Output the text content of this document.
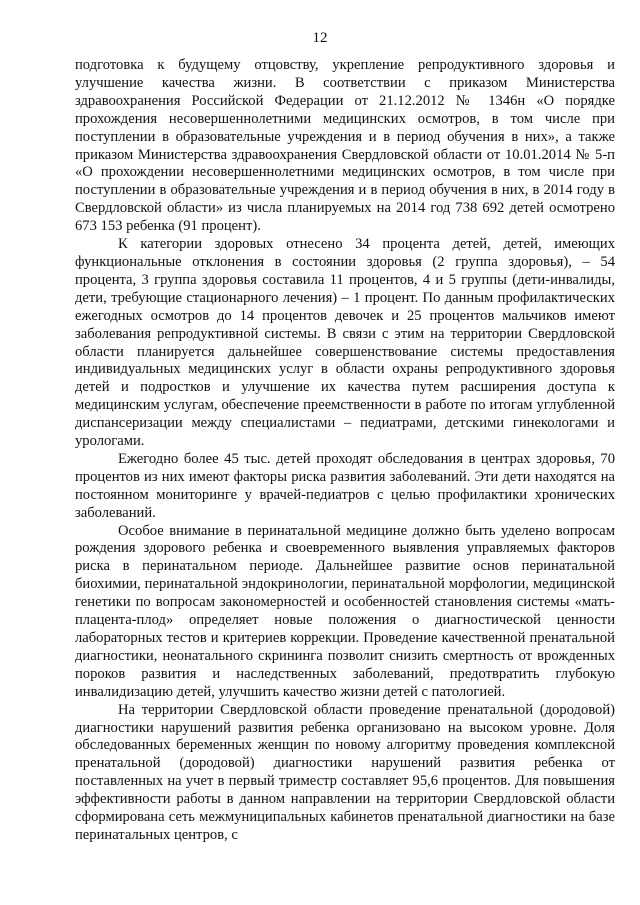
12

подготовка к будущему отцовству, укрепление репродуктивного здоровья и улучшение качества жизни. В соответствии с приказом Министерства здравоохранения Российской Федерации от 21.12.2012 № 1346н «О порядке прохождения несовершеннолетними медицинских осмотров, в том числе при поступлении в образовательные учреждения и в период обучения в них», а также приказом Министерства здравоохранения Свердловской области от 10.01.2014 № 5-п «О прохождении несовершеннолетними медицинских осмотров, в том числе при поступлении в образовательные учреждения и в период обучения в них, в 2014 году в Свердловской области» из числа планируемых на 2014 год 738 692 детей осмотрено 673 153 ребенка (91 процент).

К категории здоровых отнесено 34 процента детей, детей, имеющих функциональные отклонения в состоянии здоровья (2 группа здоровья), – 54 процента, 3 группа здоровья составила 11 процентов, 4 и 5 группы (дети-инвалиды, дети, требующие стационарного лечения) – 1 процент. По данным профилактических ежегодных осмотров до 14 процентов девочек и 25 процентов мальчиков имеют заболевания репродуктивной системы. В связи с этим на территории Свердловской области планируется дальнейшее совершенствование системы предоставления индивидуальных медицинских услуг в области охраны репродуктивного здоровья детей и подростков и улучшение их качества путем расширения доступа к медицинским услугам, обеспечение преемственности в работе по итогам углубленной диспансеризации между специалистами – педиатрами, детскими гинекологами и урологами.

Ежегодно более 45 тыс. детей проходят обследования в центрах здоровья, 70 процентов из них имеют факторы риска развития заболеваний. Эти дети находятся на постоянном мониторинге у врачей-педиатров с целью профилактики хронических заболеваний.

Особое внимание в перинатальной медицине должно быть уделено вопросам рождения здорового ребенка и своевременного выявления управляемых факторов риска в перинатальном периоде. Дальнейшее развитие основ перинатальной биохимии, перинатальной эндокринологии, перинатальной морфологии, медицинской генетики по вопросам закономерностей и особенностей становления системы «мать-плацента-плод» определяет новые положения о диагностической ценности лабораторных тестов и критериев коррекции. Проведение качественной пренатальной диагностики, неонатального скрининга позволит снизить смертность от врожденных пороков развития и наследственных заболеваний, предотвратить глубокую инвалидизацию детей, улучшить качество жизни детей с патологией.

На территории Свердловской области проведение пренатальной (дородовой) диагностики нарушений развития ребенка организовано на высоком уровне. Доля обследованных беременных женщин по новому алгоритму проведения комплексной пренатальной (дородовой) диагностики нарушений развития ребенка от поставленных на учет в первый триместр составляет 95,6 процентов. Для повышения эффективности работы в данном направлении на территории Свердловской области сформирована сеть межмуниципальных кабинетов пренатальной диагностики на базе перинатальных центров, с
